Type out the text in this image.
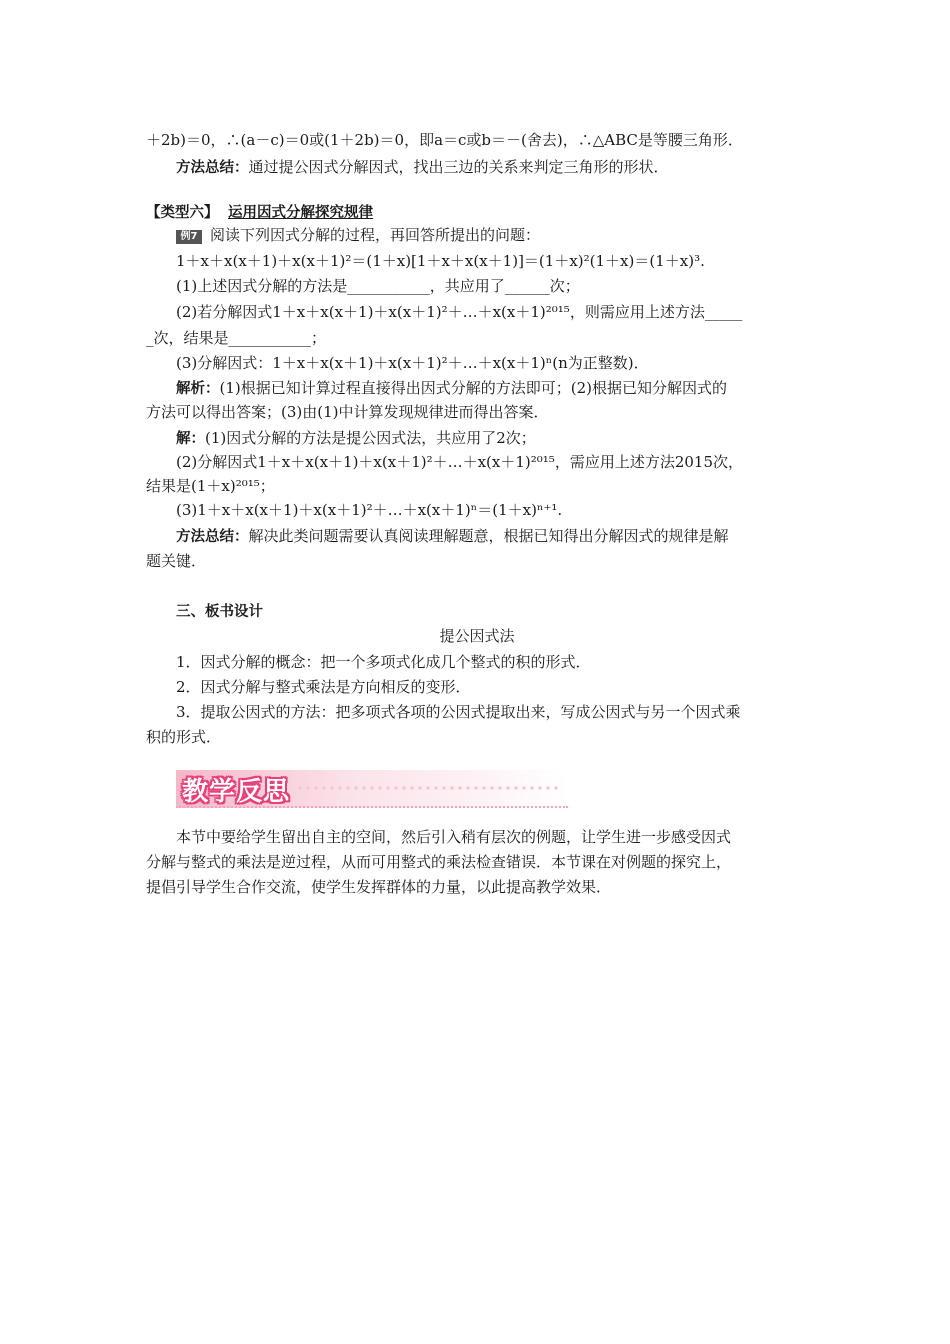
＋2b)＝0，∴(a－c)＝0或(1＋2b)＝0，即a＝c或b＝－(舍去)，∴△ABC是等腰三角形．
方法总结：通过提公因式分解因式，找出三边的关系来判定三角形的形状．
【类型六】 运用因式分解探究规律
例7 阅读下列因式分解的过程，再回答所提出的问题：
1＋x＋x(x＋1)＋x(x＋1)²＝(1＋x)[1＋x＋x(x＋1)]＝(1＋x)²(1＋x)＝(1＋x)³.
(1)上述因式分解的方法是___________，共应用了______次；
(2)若分解因式1＋x＋x(x＋1)＋x(x＋1)²＋…＋x(x＋1)²⁰¹⁵，则需应用上述方法_____
_次，结果是___________；
(3)分解因式：1＋x＋x(x＋1)＋x(x＋1)²＋…＋x(x＋1)ⁿ(n为正整数)．
解析：(1)根据已知计算过程直接得出因式分解的方法即可；(2)根据已知分解因式的
方法可以得出答案；(3)由(1)中计算发现规律进而得出答案．
解：(1)因式分解的方法是提公因式法，共应用了2次；
(2)分解因式1＋x＋x(x＋1)＋x(x＋1)²＋…＋x(x＋1)²⁰¹⁵，需应用上述方法2015次，
结果是(1＋x)²⁰¹⁵；
(3)1＋x＋x(x＋1)＋x(x＋1)²＋…＋x(x＋1)ⁿ＝(1＋x)ⁿ⁺¹.
方法总结：解决此类问题需要认真阅读理解题意，根据已知得出分解因式的规律是解
题关键．
三、板书设计
提公因式法
1．因式分解的概念：把一个多项式化成几个整式的积的形式．
2．因式分解与整式乘法是方向相反的变形．
3．提取公因式的方法：把多项式各项的公因式提取出来，写成公因式与另一个因式乘
积的形式．
教学反思
本节中要给学生留出自主的空间，然后引入稍有层次的例题，让学生进一步感受因式
分解与整式的乘法是逆过程，从而可用整式的乘法检查错误．本节课在对例题的探究上，
提倡引导学生合作交流，使学生发挥群体的力量，以此提高教学效果．
